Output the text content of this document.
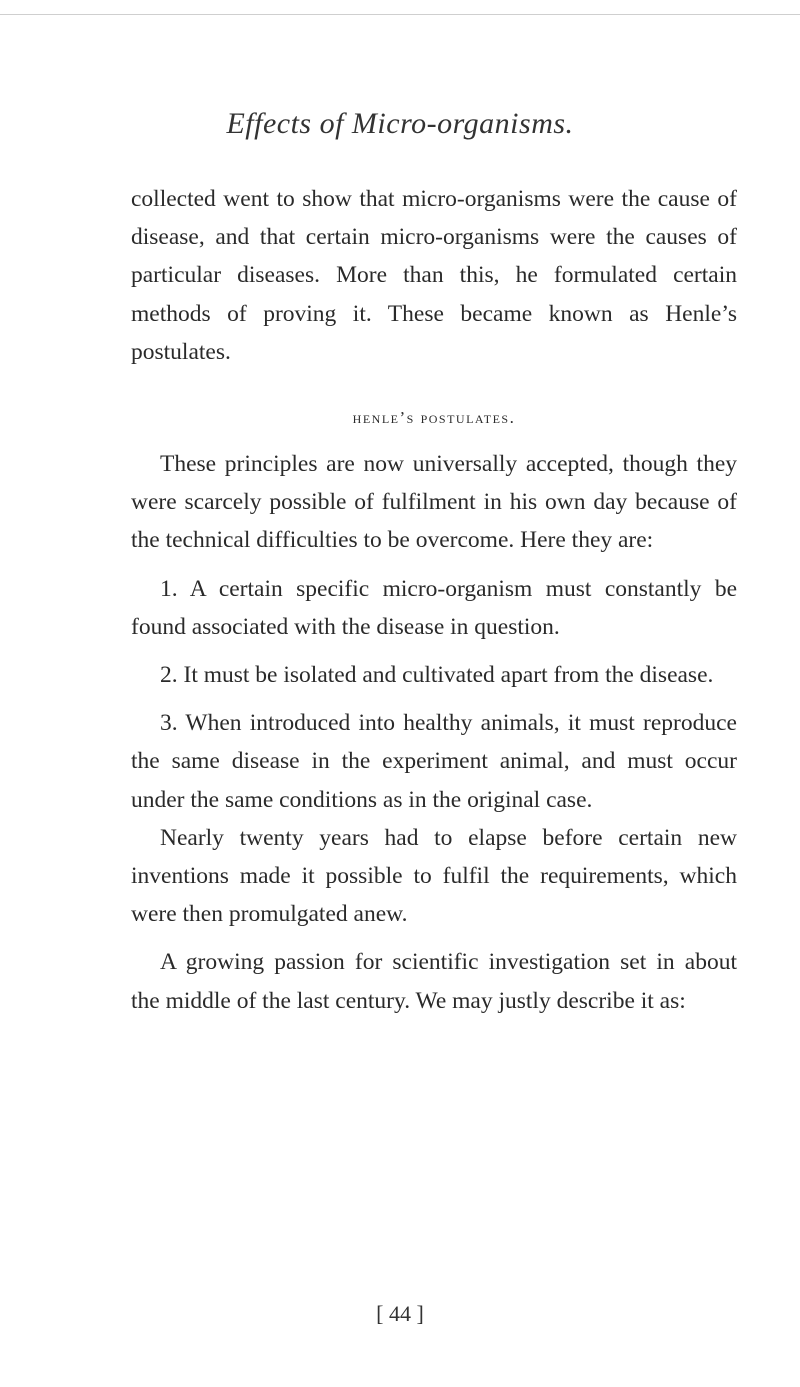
Effects of Micro-organisms.

collected went to show that micro-organisms were the cause of disease, and that certain micro-organisms were the causes of particular diseases. More than this, he formulated certain methods of proving it. These became known as Henle’s postulates.

henle’s postulates.

These principles are now universally accepted, though they were scarcely possible of fulfilment in his own day because of the technical difficulties to be overcome. Here they are:

1. A certain specific micro-organism must constantly be found associated with the disease in question.

2. It must be isolated and cultivated apart from the disease.

3. When introduced into healthy animals, it must reproduce the same disease in the experiment animal, and must occur under the same conditions as in the original case.

Nearly twenty years had to elapse before certain new inventions made it possible to fulfil the requirements, which were then promulgated anew.

A growing passion for scientific investigation set in about the middle of the last century. We may justly describe it as:

[ 44 ]
